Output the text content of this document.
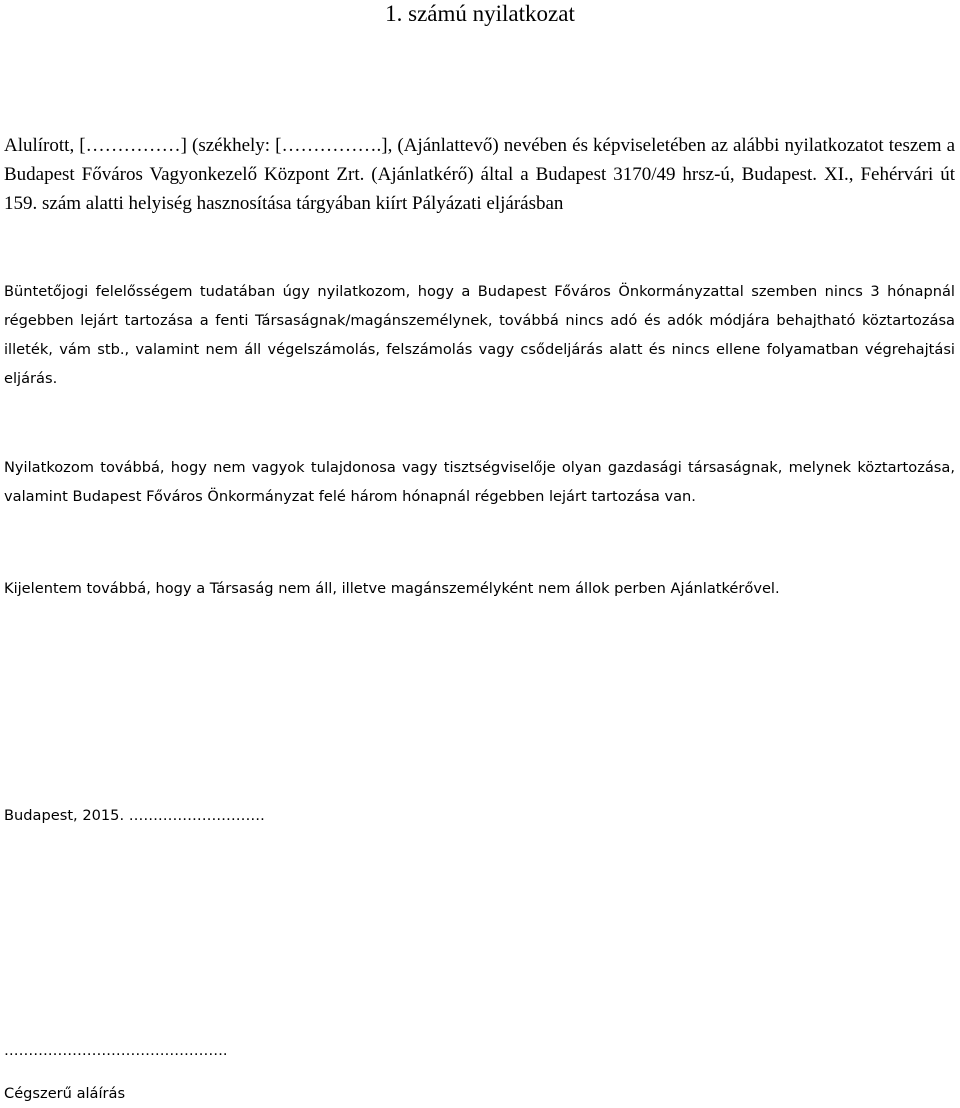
1. számú nyilatkozat
Alulírott, [……………] (székhely: […………….], (Ajánlattevő) nevében és képviseletében az alábbi nyilatkozatot teszem a Budapest Főváros Vagyonkezelő Központ Zrt. (Ajánlatkérő) által a Budapest 3170/49 hrsz-ú, Budapest. XI., Fehérvári út 159. szám alatti helyiség hasznosítása tárgyában kiírt Pályázati eljárásban
Büntetőjogi felelősségem tudatában úgy nyilatkozom, hogy a Budapest Főváros Önkormányzattal szemben nincs 3 hónapnál régebben lejárt tartozása a fenti Társaságnak/magánszemélynek, továbbá nincs adó és adók módjára behajtható köztartozása illeték, vám stb., valamint nem áll végelszámolás, felszámolás vagy csődeljárás alatt és nincs ellene folyamatban végrehajtási eljárás.
Nyilatkozom továbbá, hogy nem vagyok tulajdonosa vagy tisztségviselője olyan gazdasági társaságnak, melynek köztartozása, valamint Budapest Főváros Önkormányzat felé három hónapnál régebben lejárt tartozása van.
Kijelentem továbbá, hogy a Társaság nem áll, illetve magánszemélyként nem állok perben Ajánlatkérővel.
Budapest, 2015. ……………………….
……………………………………….
Cégszerű aláírás
